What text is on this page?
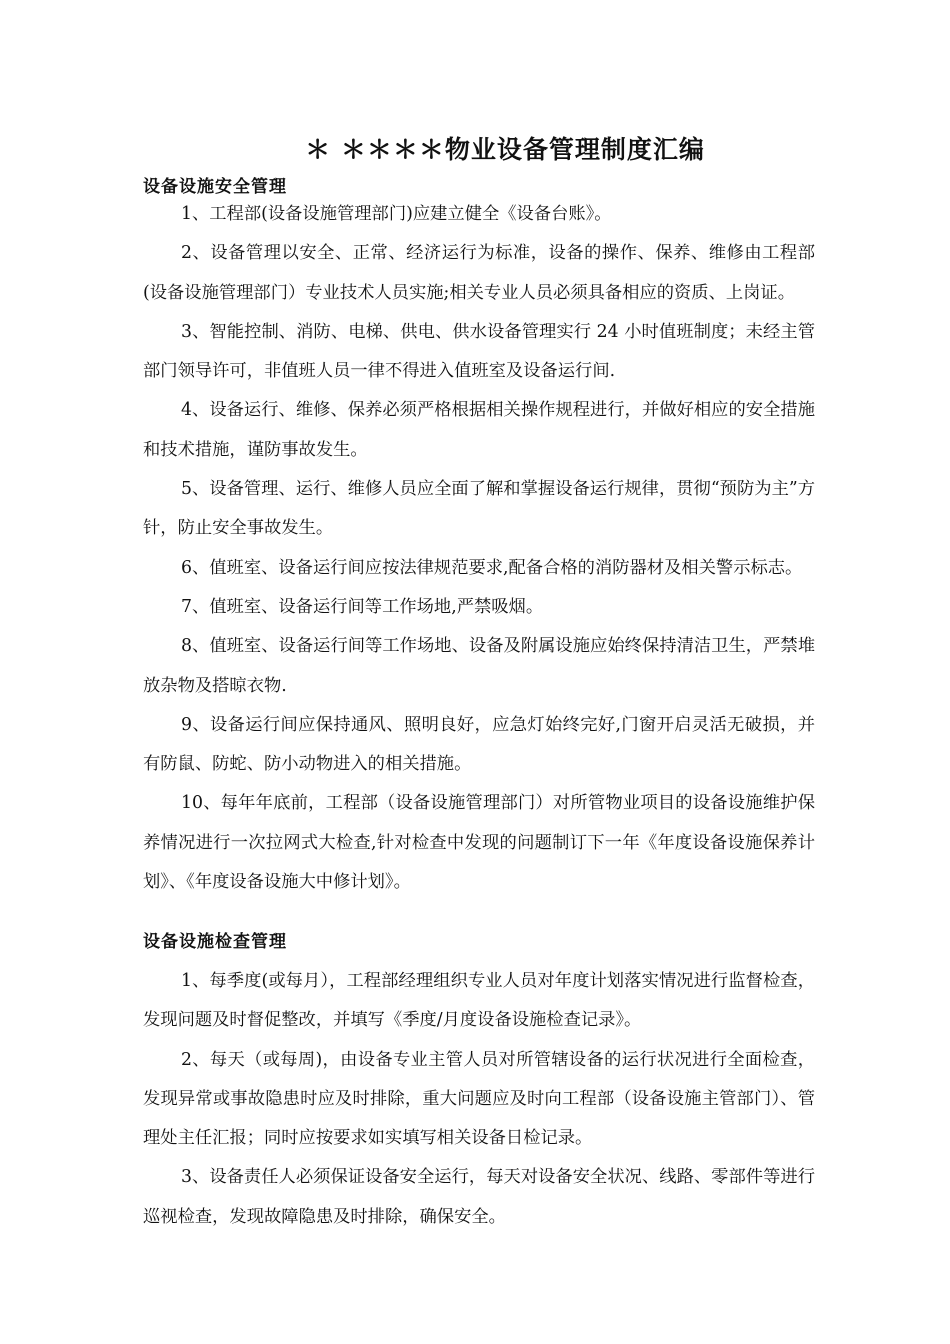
＊ ＊＊＊＊物业设备管理制度汇编
设备设施安全管理

1、工程部(设备设施管理部门)应建立健全《设备台账》。

2、设备管理以安全、正常、经济运行为标准，设备的操作、保养、维修由工程部(设备设施管理部门）专业技术人员实施;相关专业人员必须具备相应的资质、上岗证。

3、智能控制、消防、电梯、供电、供水设备管理实行 24 小时值班制度；未经主管部门领导许可，非值班人员一律不得进入值班室及设备运行间.

4、设备运行、维修、保养必须严格根据相关操作规程进行，并做好相应的安全措施和技术措施，谨防事故发生。

5、设备管理、运行、维修人员应全面了解和掌握设备运行规律，贯彻“预防为主”方针，防止安全事故发生。

6、值班室、设备运行间应按法律规范要求,配备合格的消防器材及相关警示标志。

7、值班室、设备运行间等工作场地,严禁吸烟。

8、值班室、设备运行间等工作场地、设备及附属设施应始终保持清洁卫生，严禁堆放杂物及搭晾衣物.

9、设备运行间应保持通风、照明良好，应急灯始终完好,门窗开启灵活无破损，并有防鼠、防蛇、防小动物进入的相关措施。

10、每年年底前，工程部（设备设施管理部门）对所管物业项目的设备设施维护保养情况进行一次拉网式大检查,针对检查中发现的问题制订下一年《年度设备设施保养计划》、《年度设备设施大中修计划》。

设备设施检查管理

1、每季度(或每月），工程部经理组织专业人员对年度计划落实情况进行监督检查，发现问题及时督促整改，并填写《季度/月度设备设施检查记录》。

2、每天（或每周)，由设备专业主管人员对所管辖设备的运行状况进行全面检查，发现异常或事故隐患时应及时排除，重大问题应及时向工程部（设备设施主管部门）、管理处主任汇报；同时应按要求如实填写相关设备日检记录。

3、设备责任人必须保证设备安全运行，每天对设备安全状况、线路、零部件等进行巡视检查，发现故障隐患及时排除，确保安全。
